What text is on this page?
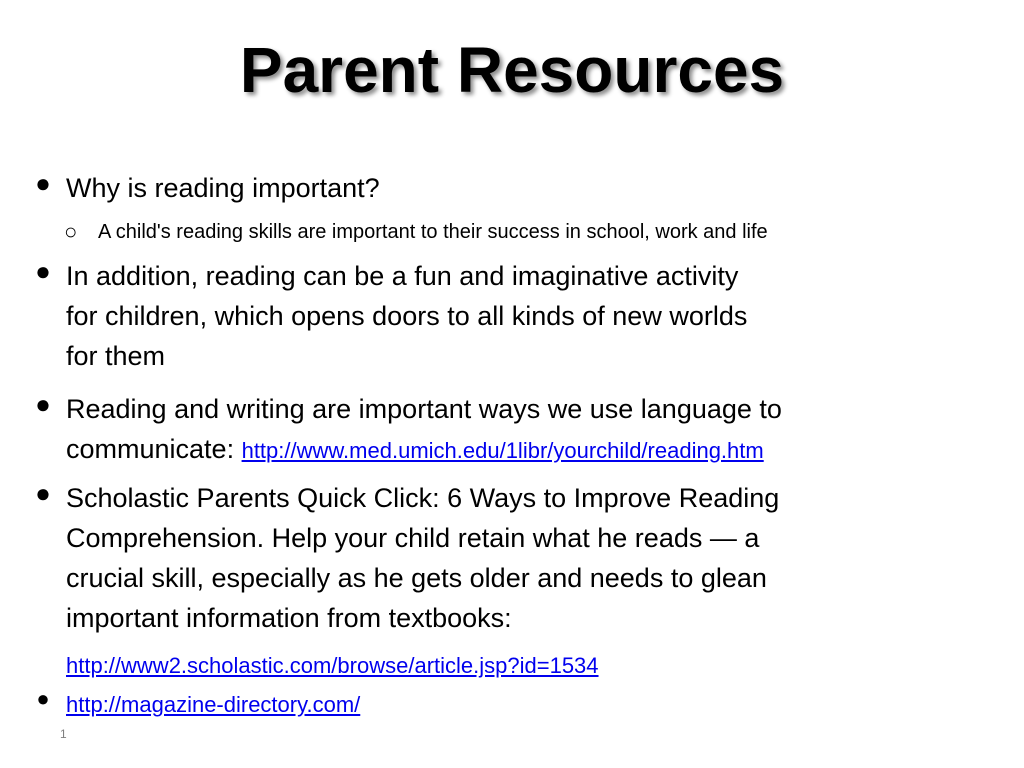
Parent Resources
● Why is reading important?
○ A child's reading skills are important to their success in school, work and life
● In addition, reading can be a fun and imaginative activity
for children, which opens doors to all kinds of new worlds
for them
● Reading and writing are important ways we use language to
communicate: http://www.med.umich.edu/1libr/yourchild/reading.htm
● Scholastic Parents Quick Click: 6 Ways to Improve Reading
Comprehension. Help your child retain what he reads — a
crucial skill, especially as he gets older and needs to glean
important information from textbooks:
http://www2.scholastic.com/browse/article.jsp?id=1534
● http://magazine-directory.com/
1
